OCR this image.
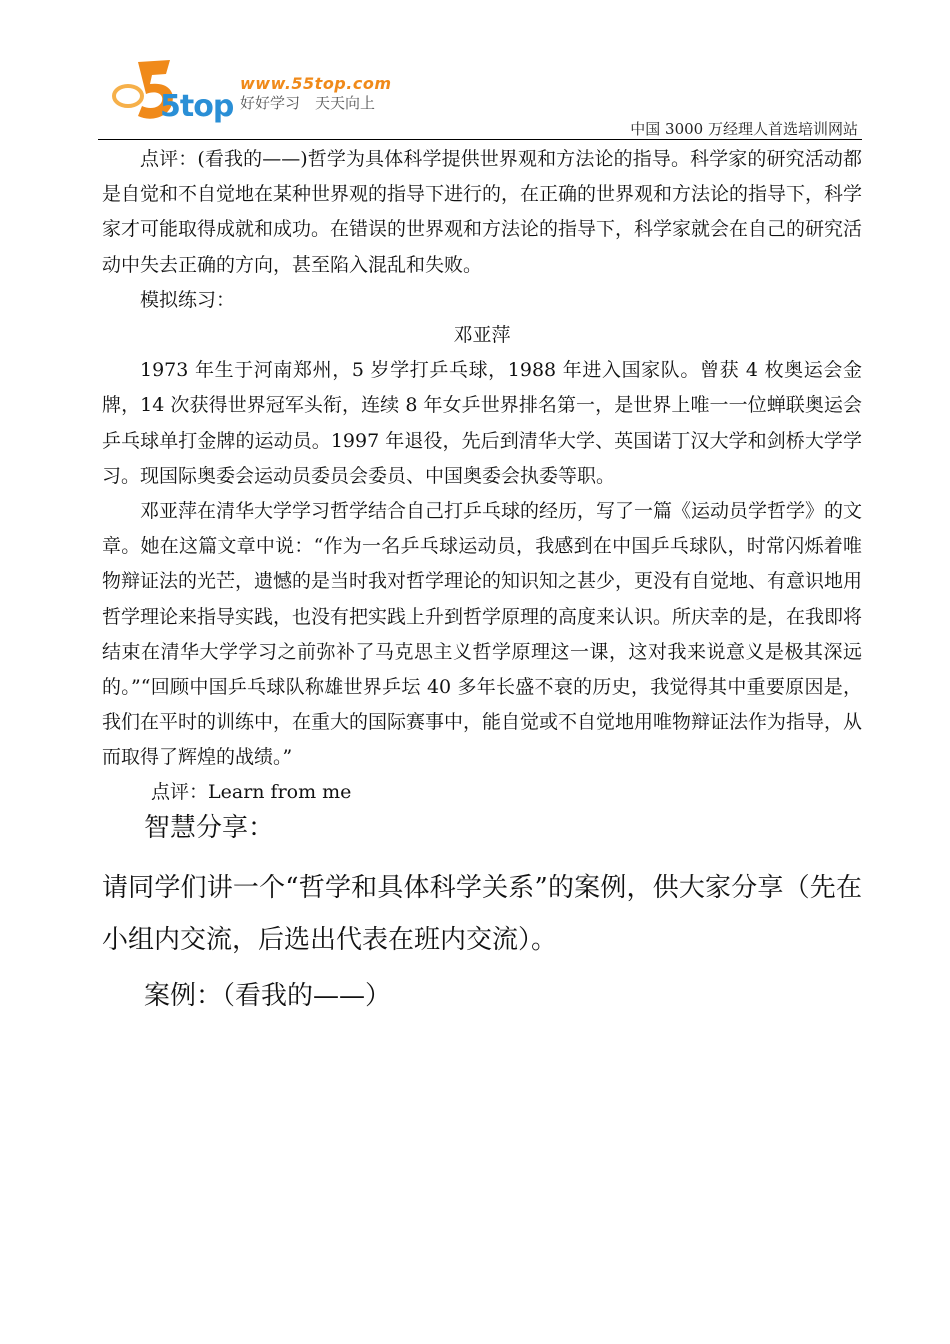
5top

www.55top.com

好好学习　天天向上

中国 3000 万经理人首选培训网站

点评：(看我的——)哲学为具体科学提供世界观和方法论的指导。科学家的研究活动都是自觉和不自觉地在某种世界观的指导下进行的，在正确的世界观和方法论的指导下，科学家才可能取得成就和成功。在错误的世界观和方法论的指导下，科学家就会在自己的研究活动中失去正确的方向，甚至陷入混乱和失败。

模拟练习：

邓亚萍

1973 年生于河南郑州，5 岁学打乒乓球，1988 年进入国家队。曾获 4 枚奥运会金牌，14 次获得世界冠军头衔，连续 8 年女乒世界排名第一，是世界上唯一一位蝉联奥运会乒乓球单打金牌的运动员。1997 年退役，先后到清华大学、英国诺丁汉大学和剑桥大学学习。现国际奥委会运动员委员会委员、中国奥委会执委等职。

邓亚萍在清华大学学习哲学结合自己打乒乓球的经历，写了一篇《运动员学哲学》的文章。她在这篇文章中说：“作为一名乒乓球运动员，我感到在中国乒乓球队，时常闪烁着唯物辩证法的光芒，遗憾的是当时我对哲学理论的知识知之甚少，更没有自觉地、有意识地用哲学理论来指导实践，也没有把实践上升到哲学原理的高度来认识。所庆幸的是，在我即将结束在清华大学学习之前弥补了马克思主义哲学原理这一课，这对我来说意义是极其深远的。”“回顾中国乒乓球队称雄世界乒坛 40 多年长盛不衰的历史，我觉得其中重要原因是，我们在平时的训练中，在重大的国际赛事中，能自觉或不自觉地用唯物辩证法作为指导，从而取得了辉煌的战绩。”

点评：Learn from me

智慧分享：

请同学们讲一个“哲学和具体科学关系”的案例，供大家分享（先在小组内交流，后选出代表在班内交流）。

案例：（看我的——）
